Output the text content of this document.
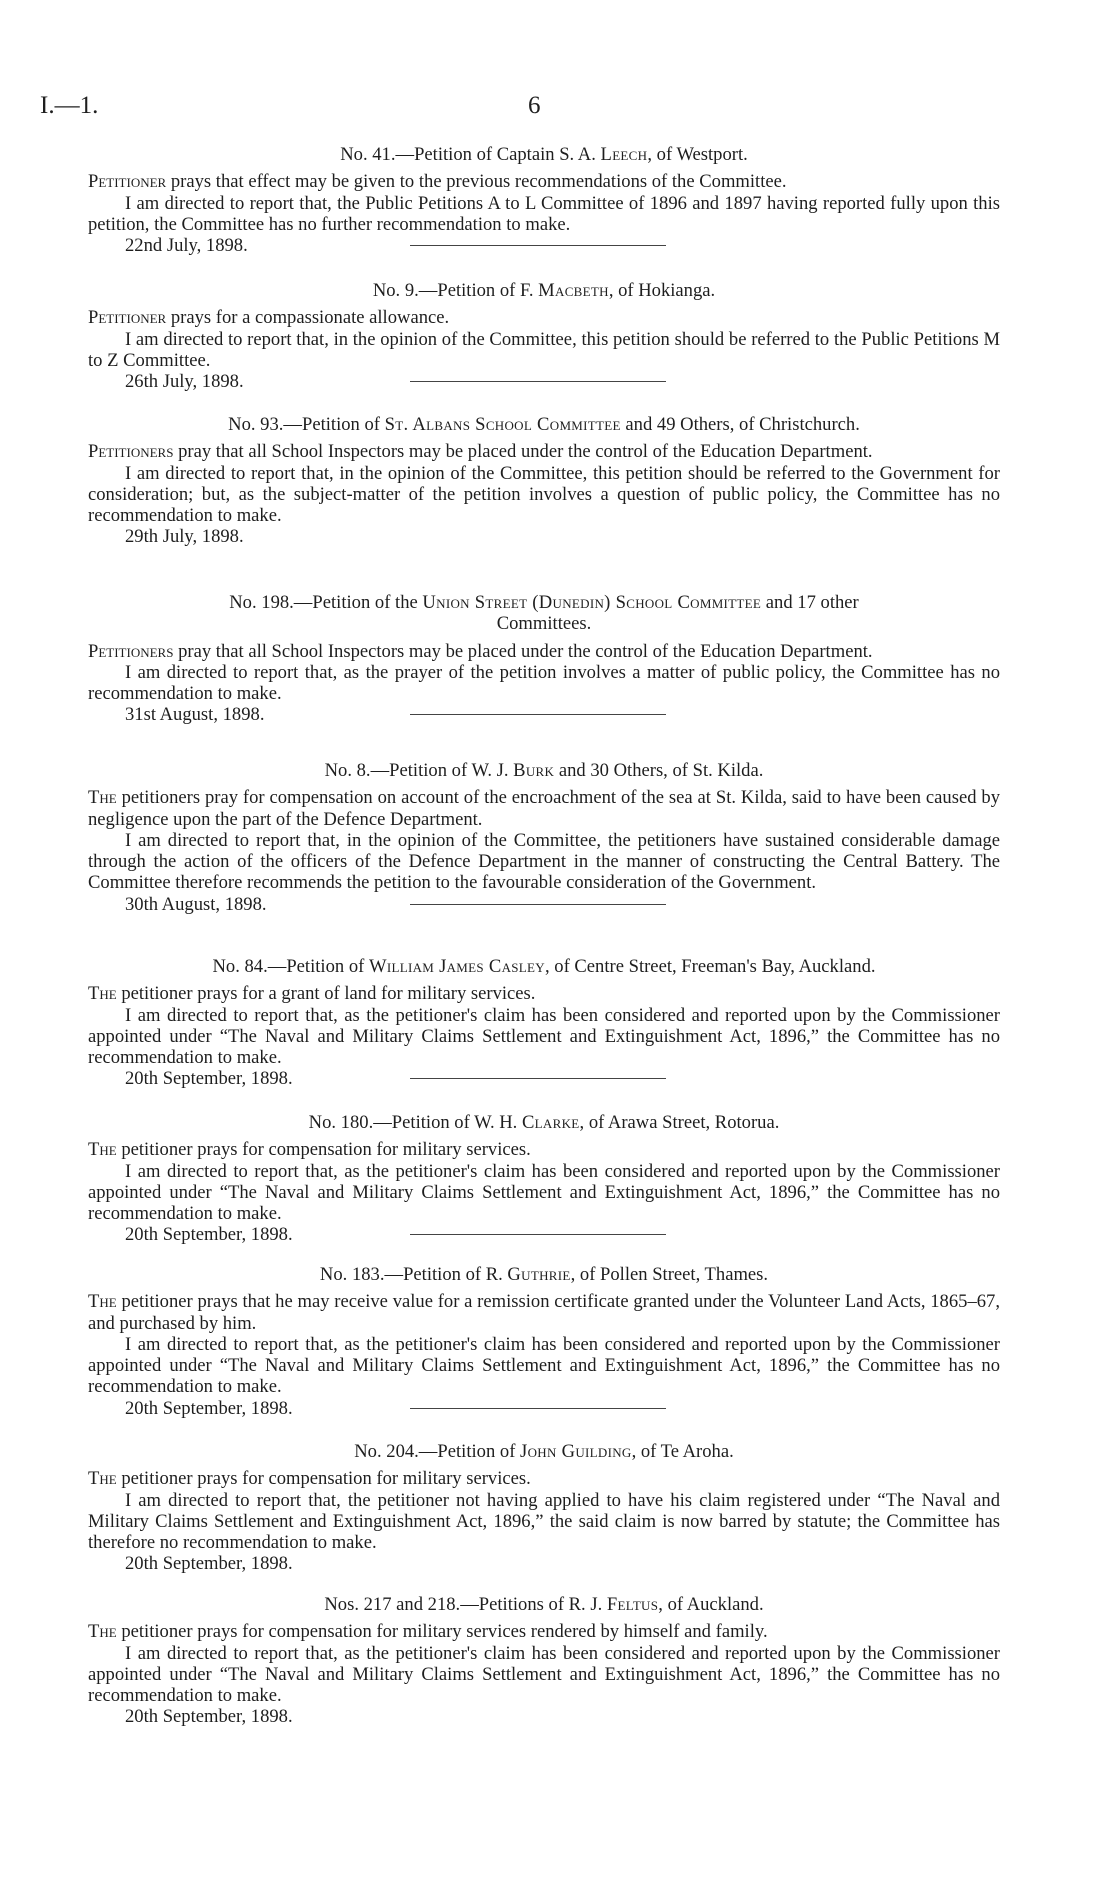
I.—1.	6
No. 41.—Petition of Captain S. A. Leech, of Westport.

Petitioner prays that effect may be given to the previous recommendations of the Committee.

I am directed to report that, the Public Petitions A to L Committee of 1896 and 1897 having reported fully upon this petition, the Committee has no further recommendation to make.

22nd July, 1898.
No. 9.—Petition of F. Macbeth, of Hokianga.

Petitioner prays for a compassionate allowance.

I am directed to report that, in the opinion of the Committee, this petition should be referred to the Public Petitions M to Z Committee.

26th July, 1898.
No. 93.—Petition of St. Albans School Committee and 49 Others, of Christchurch.

Petitioners pray that all School Inspectors may be placed under the control of the Education Department.

I am directed to report that, in the opinion of the Committee, this petition should be referred to the Government for consideration; but, as the subject-matter of the petition involves a question of public policy, the Committee has no recommendation to make.

29th July, 1898.
No. 198.—Petition of the Union Street (Dunedin) School Committee and 17 other
Committees.

Petitioners pray that all School Inspectors may be placed under the control of the Education Department.

I am directed to report that, as the prayer of the petition involves a matter of public policy, the Committee has no recommendation to make.

31st August, 1898.
No. 8.—Petition of W. J. Burk and 30 Others, of St. Kilda.

The petitioners pray for compensation on account of the encroachment of the sea at St. Kilda, said to have been caused by negligence upon the part of the Defence Department.

I am directed to report that, in the opinion of the Committee, the petitioners have sustained considerable damage through the action of the officers of the Defence Department in the manner of constructing the Central Battery. The Committee therefore recommends the petition to the favourable consideration of the Government.

30th August, 1898.
No. 84.—Petition of William James Casley, of Centre Street, Freeman's Bay, Auckland.

The petitioner prays for a grant of land for military services.

I am directed to report that, as the petitioner's claim has been considered and reported upon by the Commissioner appointed under “The Naval and Military Claims Settlement and Extinguishment Act, 1896,” the Committee has no recommendation to make.

20th September, 1898.
No. 180.—Petition of W. H. Clarke, of Arawa Street, Rotorua.

The petitioner prays for compensation for military services.

I am directed to report that, as the petitioner's claim has been considered and reported upon by the Commissioner appointed under “The Naval and Military Claims Settlement and Extinguishment Act, 1896,” the Committee has no recommendation to make.

20th September, 1898.
No. 183.—Petition of R. Guthrie, of Pollen Street, Thames.

The petitioner prays that he may receive value for a remission certificate granted under the Volunteer Land Acts, 1865–67, and purchased by him.

I am directed to report that, as the petitioner's claim has been considered and reported upon by the Commissioner appointed under “The Naval and Military Claims Settlement and Extinguishment Act, 1896,” the Committee has no recommendation to make.

20th September, 1898.
No. 204.—Petition of John Guilding, of Te Aroha.

The petitioner prays for compensation for military services.

I am directed to report that, the petitioner not having applied to have his claim registered under “The Naval and Military Claims Settlement and Extinguishment Act, 1896,” the said claim is now barred by statute; the Committee has therefore no recommendation to make.

20th September, 1898.
Nos. 217 and 218.—Petitions of R. J. Feltus, of Auckland.

The petitioner prays for compensation for military services rendered by himself and family.

I am directed to report that, as the petitioner's claim has been considered and reported upon by the Commissioner appointed under “The Naval and Military Claims Settlement and Extinguishment Act, 1896,” the Committee has no recommendation to make.

20th September, 1898.
